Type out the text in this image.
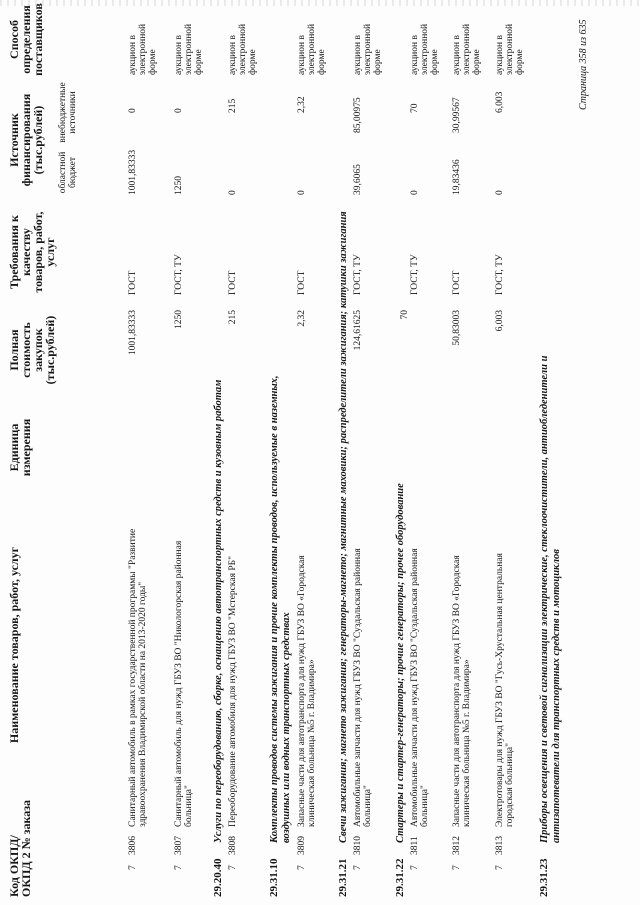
Код ОКПД/ ОКПД 2 № заказа
Наименование товаров, работ, услуг
Единица измерения
Полная стоимость закупок (тыс.рублей)
Требования к качеству товаров, работ, услуг
Источник финансирования (тыс.рублей) областной бюджет
внебюджетные источники
Способ определения поставщиков
7
3806
Санитарный автомобиль в рамках государственной программы "Развитие здравоохранения Владимирской области на 2013-2020 годы"
1001,83333
ГОСТ
1001,83333
0
аукцион в электронной форме
7
3807
Санитарный автомобиль для нужд ГБУЗ ВО "Никологорская районная больница"
1250
ГОСТ, ТУ
1250
0
аукцион в электронной форме
29.20.40
Услуги по переоборудованию, сборке, оснащению автотранспортных средств и кузовным работам
7
3808
Переоборудование автомобиля для нужд ГБУЗ ВО "Мстерская РБ"
215
ГОСТ
0
215
аукцион в электронной форме
29.31.10
Комплекты проводов системы зажигания и прочие комплекты проводов, используемые в наземных, воздушных или водных транспортных средствах
7
3809
Запасные части для автотранспорта для нужд ГБУЗ ВО «Городская клиническая больница №5 г. Владимира»
2,32
ГОСТ
0
2,32
аукцион в электронной форме
29.31.21
Свечи зажигания; магнето зажигания; генераторы-магнето; магнитные маховики; распределители зажигания; катушки зажигания
7
3810
Автомобильные запчасти для нужд ГБУЗ ВО "Суздальская районная больница"
124,61625
ГОСТ, ТУ
39,6065
85,00975
аукцион в электронной форме
29.31.22
Стартеры и стартер-генераторы; прочие генераторы; прочее оборудование
7
3811
Автомобильные запчасти для нужд ГБУЗ ВО "Суздальская районная больница"
70
ГОСТ, ТУ
0
70
аукцион в электронной форме
7
3812
Запасные части для автотранспорта для нужд ГБУЗ ВО «Городская клиническая больница №5 г. Владимира»
50,83003
ГОСТ
19,83436
30,99567
аукцион в электронной форме
7
3813
Электротовары для нужд ГБУЗ ВО "Гусь-Хрустальная центральная городская больница"
6,003
ГОСТ, ТУ
0
6,003
аукцион в электронной форме
29.31.23
Приборы освещения и световой сигнализации электрические, стеклоочистители, антиобледенители и антизапотеватели для транспортных средств и мотоциклов
Страница 358 из 635
